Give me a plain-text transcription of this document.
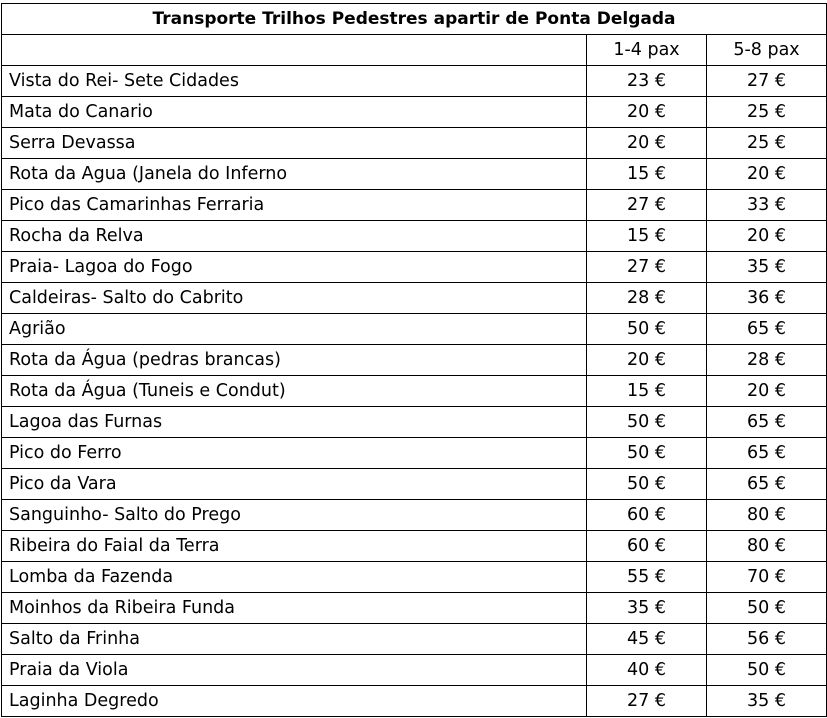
Transporte Trilhos Pedestres apartir de Ponta Delgada		
	1-4 pax	5-8 pax
Vista do Rei- Sete Cidades	23 €	27 €
Mata do Canario	20 €	25 €
Serra Devassa	20 €	25 €
Rota da Agua (Janela do Inferno	15 €	20 €
Pico das Camarinhas Ferraria	27 €	33 €
Rocha da Relva	15 €	20 €
Praia- Lagoa do Fogo	27 €	35 €
Caldeiras- Salto do Cabrito	28 €	36 €
Agrião	50 €	65 €
Rota da Água (pedras brancas)	20 €	28 €
Rota da Água (Tuneis e Condut)	15 €	20 €
Lagoa das Furnas	50 €	65 €
Pico do Ferro	50 €	65 €
Pico da Vara	50 €	65 €
Sanguinho- Salto do Prego	60 €	80 €
Ribeira do Faial da Terra	60 €	80 €
Lomba da Fazenda	55 €	70 €
Moinhos da Ribeira Funda	35 €	50 €
Salto da Frinha	45 €	56 €
Praia da Viola	40 €	50 €
Laginha Degredo	27 €	35 €
